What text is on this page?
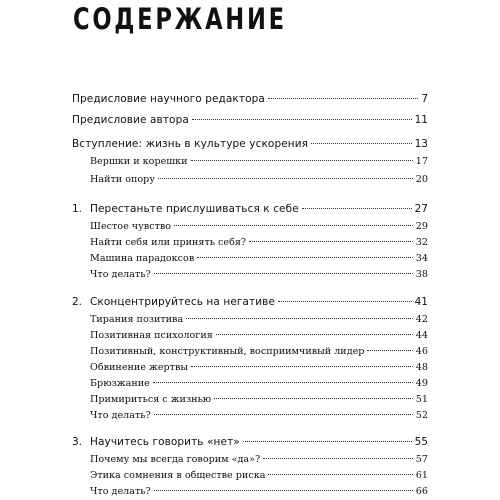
СОДЕРЖАНИЕ
Предисловие научного редактора	7
Предисловие автора	11
Вступление: жизнь в культуре ускорения	13
Вершки и корешки	17
Найти опору	20
1. Перестаньте прислушиваться к себе	27
Шестое чувство	29
Найти себя или принять себя?	32
Машина парадоксов	34
Что делать?	38
2. Сконцентрируйтесь на негативе	41
Тирания позитива	42
Позитивная психология	44
Позитивный, конструктивный, восприимчивый лидер	46
Обвинение жертвы	48
Брюзжание	49
Примириться с жизнью	51
Что делать?	52
3. Научитесь говорить «нет»	55
Почему мы всегда говорим «да»?	57
Этика сомнения в обществе риска	61
Что делать?	66
